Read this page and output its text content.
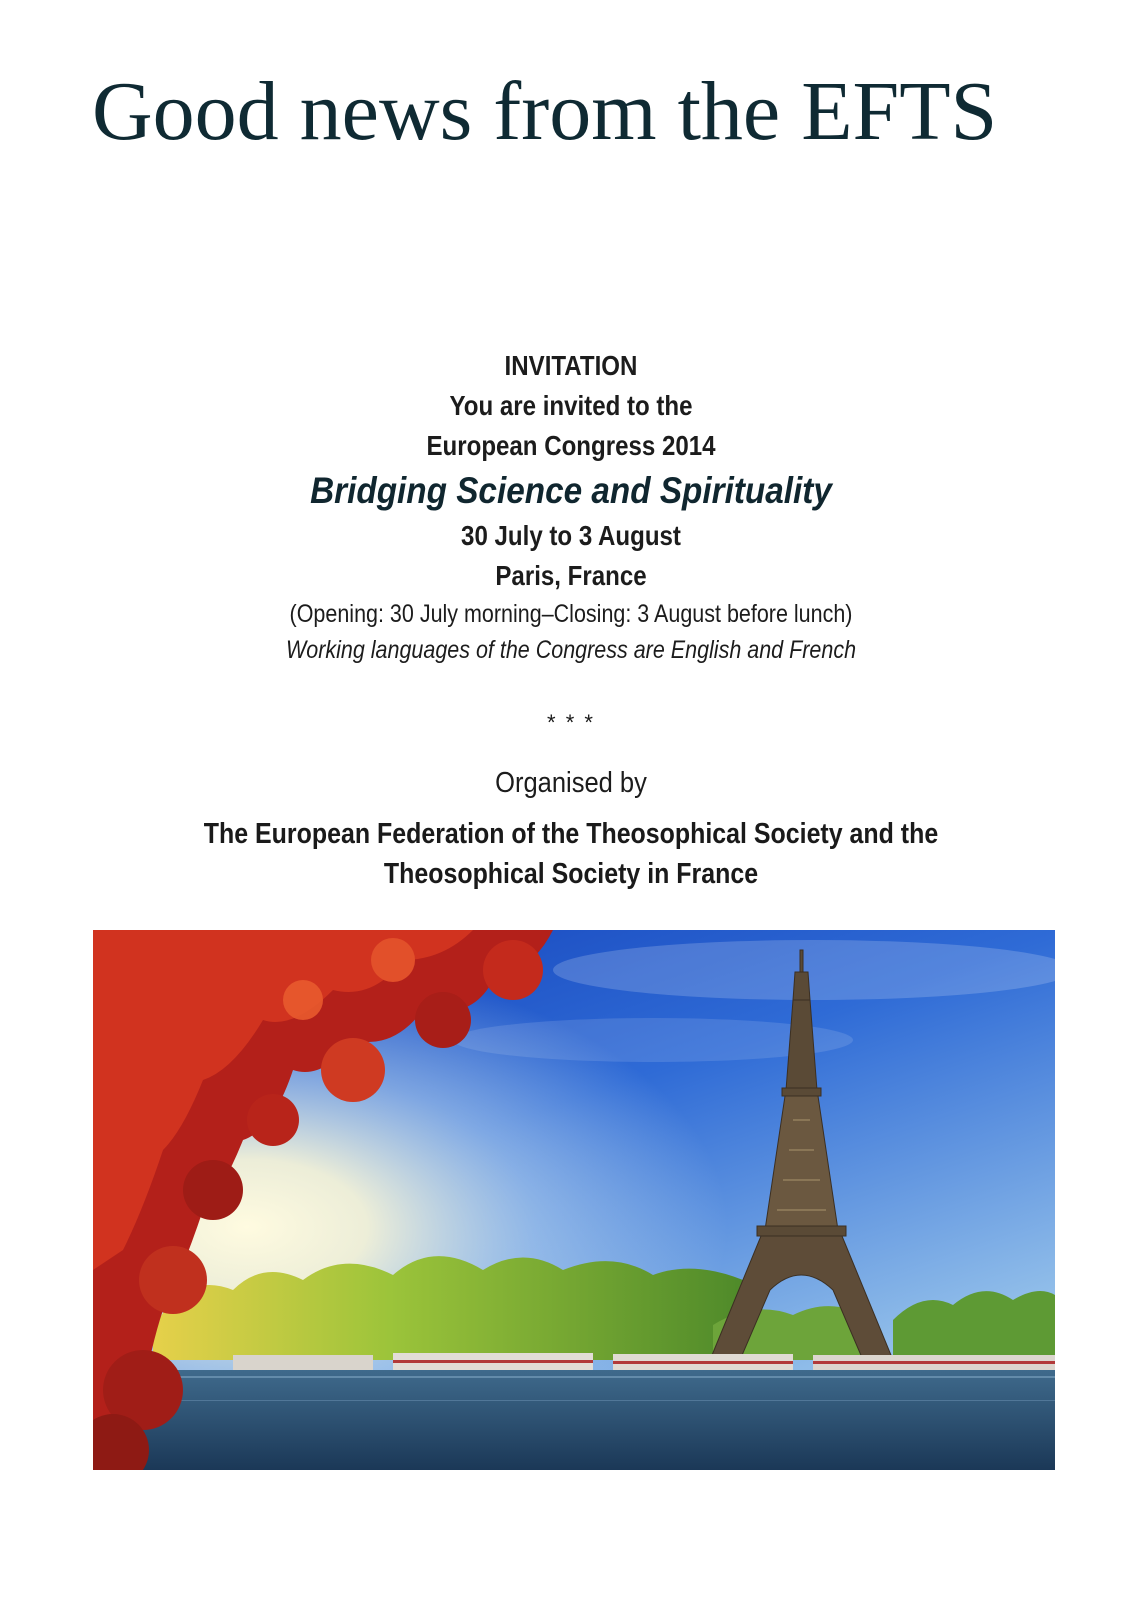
Good news from the EFTS
INVITATION
You are invited to the
European Congress 2014
Bridging Science and Spirituality
30 July to 3 August
Paris, France
(Opening: 30 July morning–Closing: 3 August before lunch)
Working languages of the Congress are English and French
* * *
Organised by
The European Federation of the Theosophical Society and the
Theosophical Society in France
